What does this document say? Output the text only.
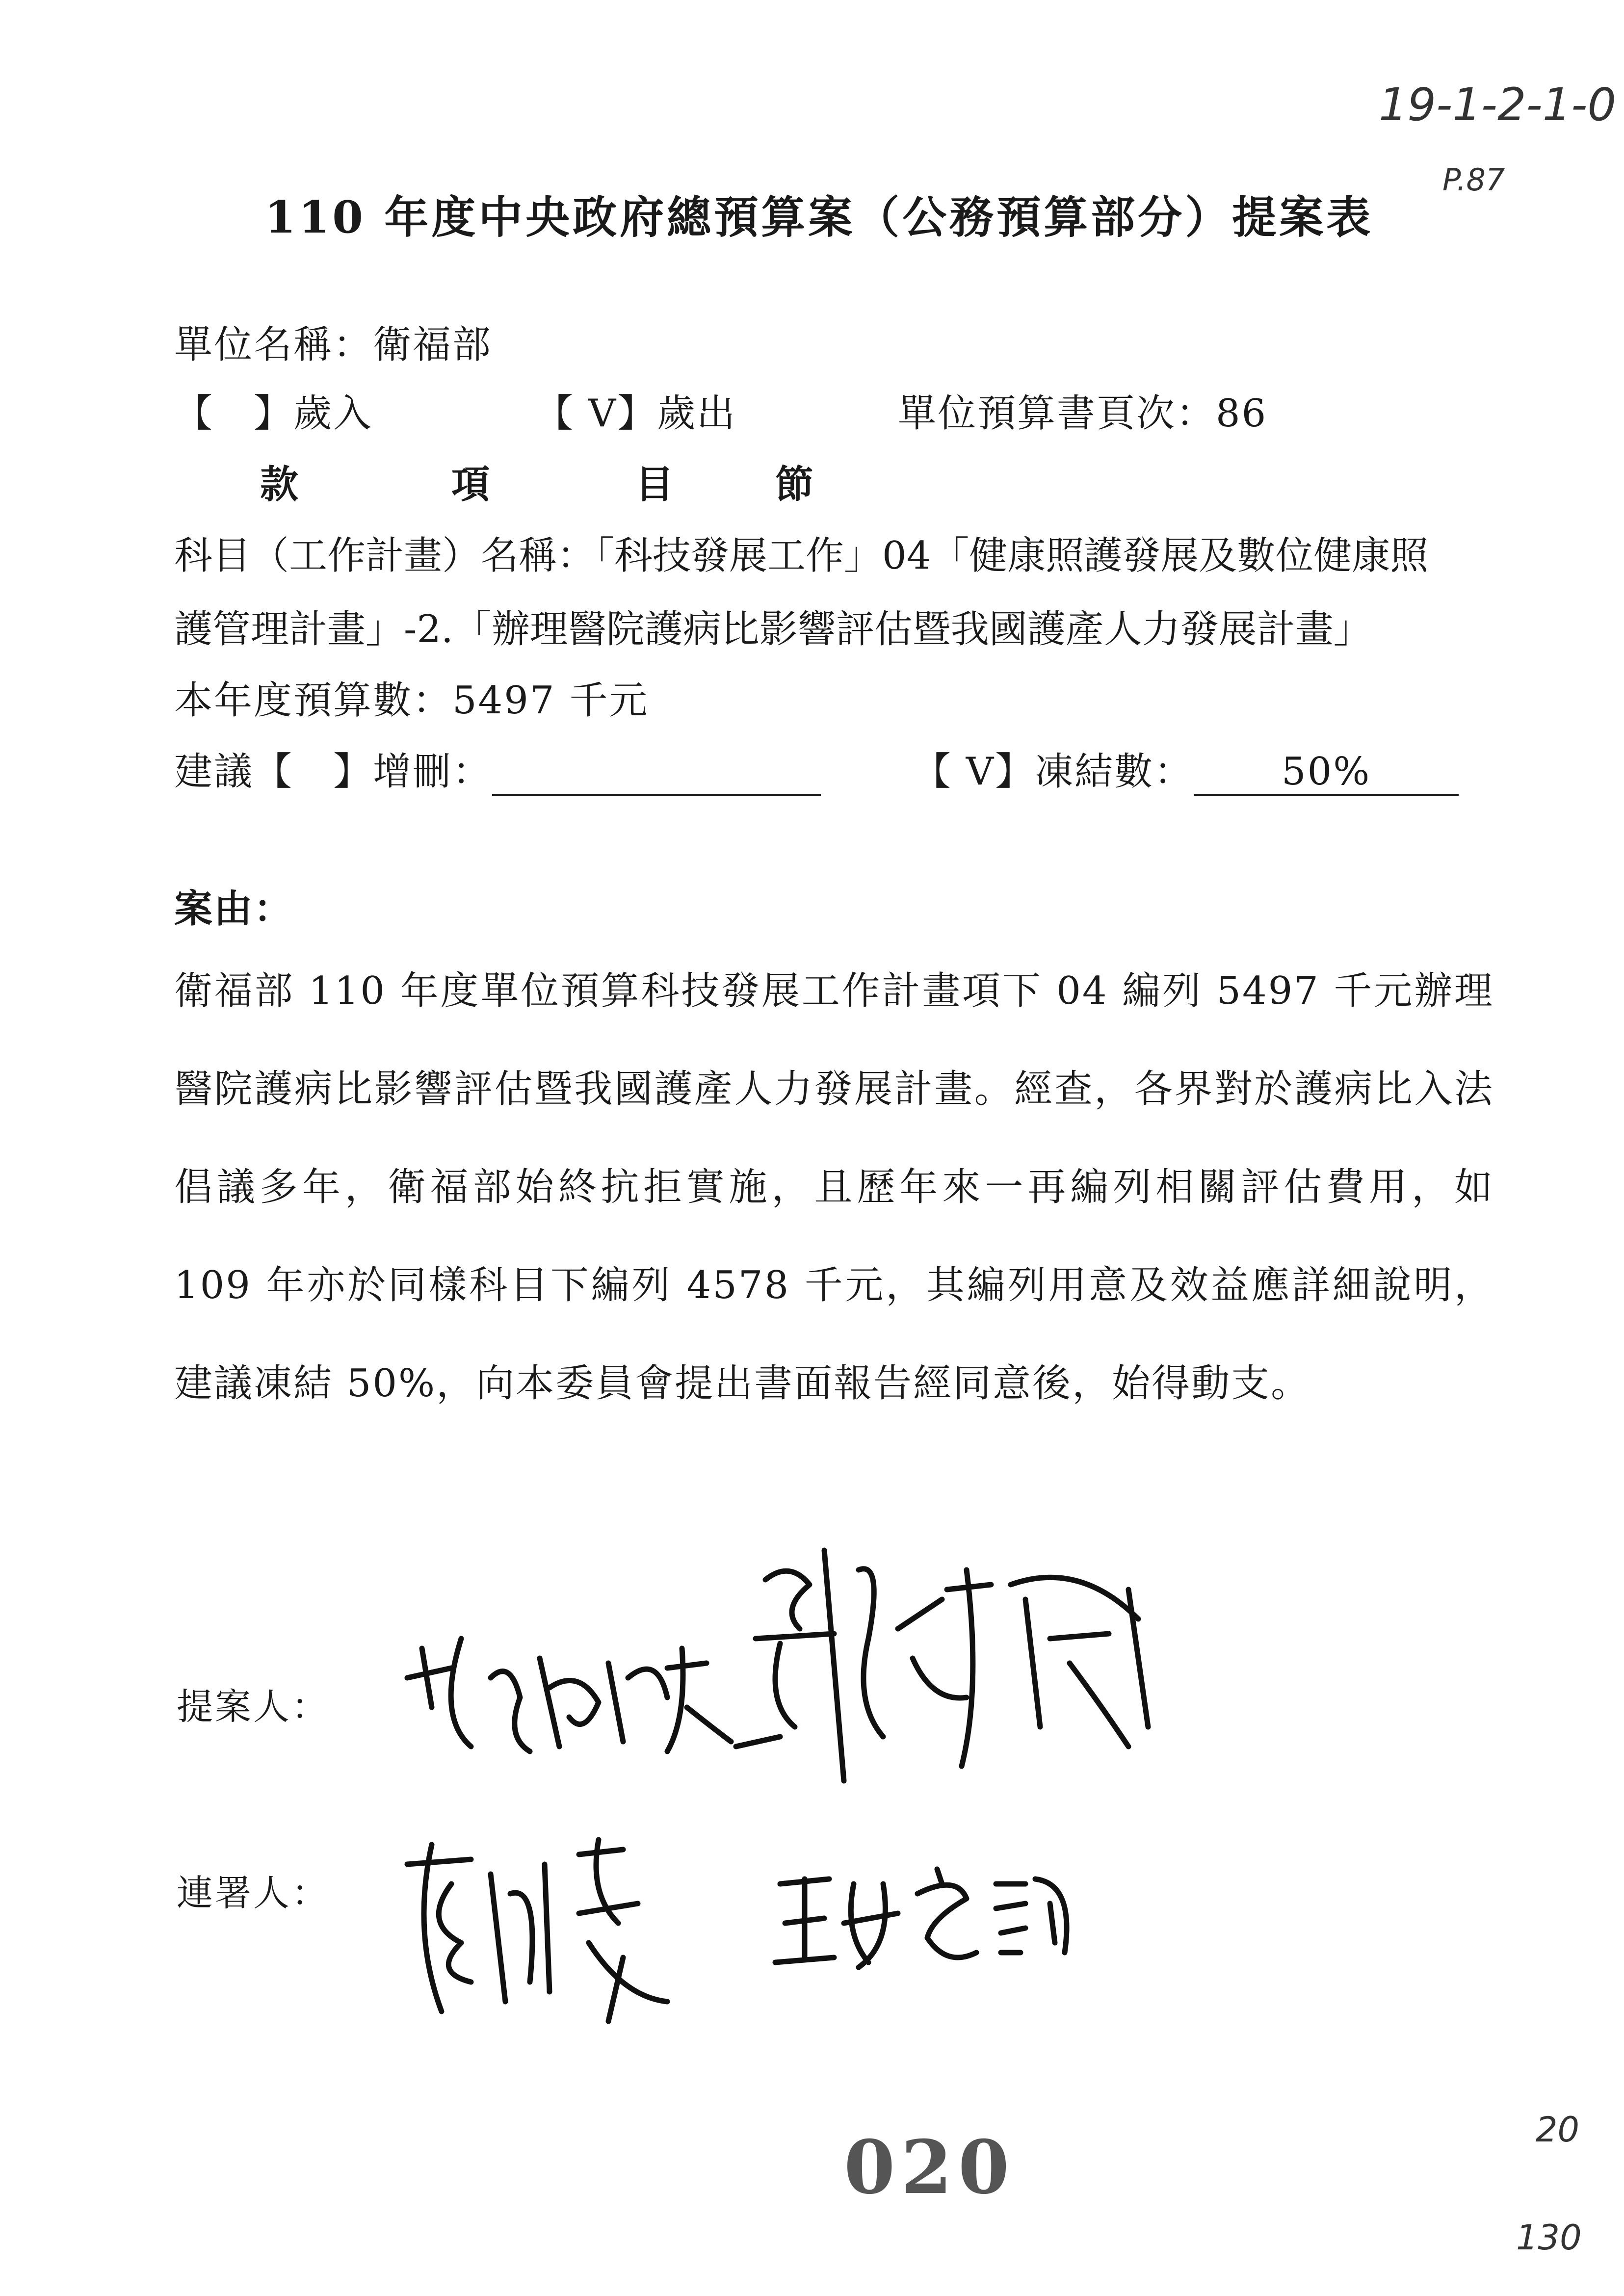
19-1-2-1-0
P.87
110 年度中央政府總預算案（公務預算部分）提案表
單位名稱：衛福部
【　】歲入	【 V】歲出	單位預算書頁次：86
款	項	目	節
科目（工作計畫）名稱：「科技發展工作」04「健康照護發展及數位健康照
護管理計畫」-2.「辦理醫院護病比影響評估暨我國護產人力發展計畫」
本年度預算數：5497 千元
建議【　】增刪：	【 V】凍結數： 50%
案由：
衛福部 110 年度單位預算科技發展工作計畫項下 04 編列 5497 千元辦理醫院護病比影響評估暨我國護產人力發展計畫。經查，各界對於護病比入法倡議多年，衛福部始終抗拒實施，且歷年來一再編列相關評估費用，如 109 年亦於同樣科目下編列 4578 千元，其編列用意及效益應詳細說明，建議凍結 50%，向本委員會提出書面報告經同意後，始得動支。
提案人：
連署人：
020	20
130
